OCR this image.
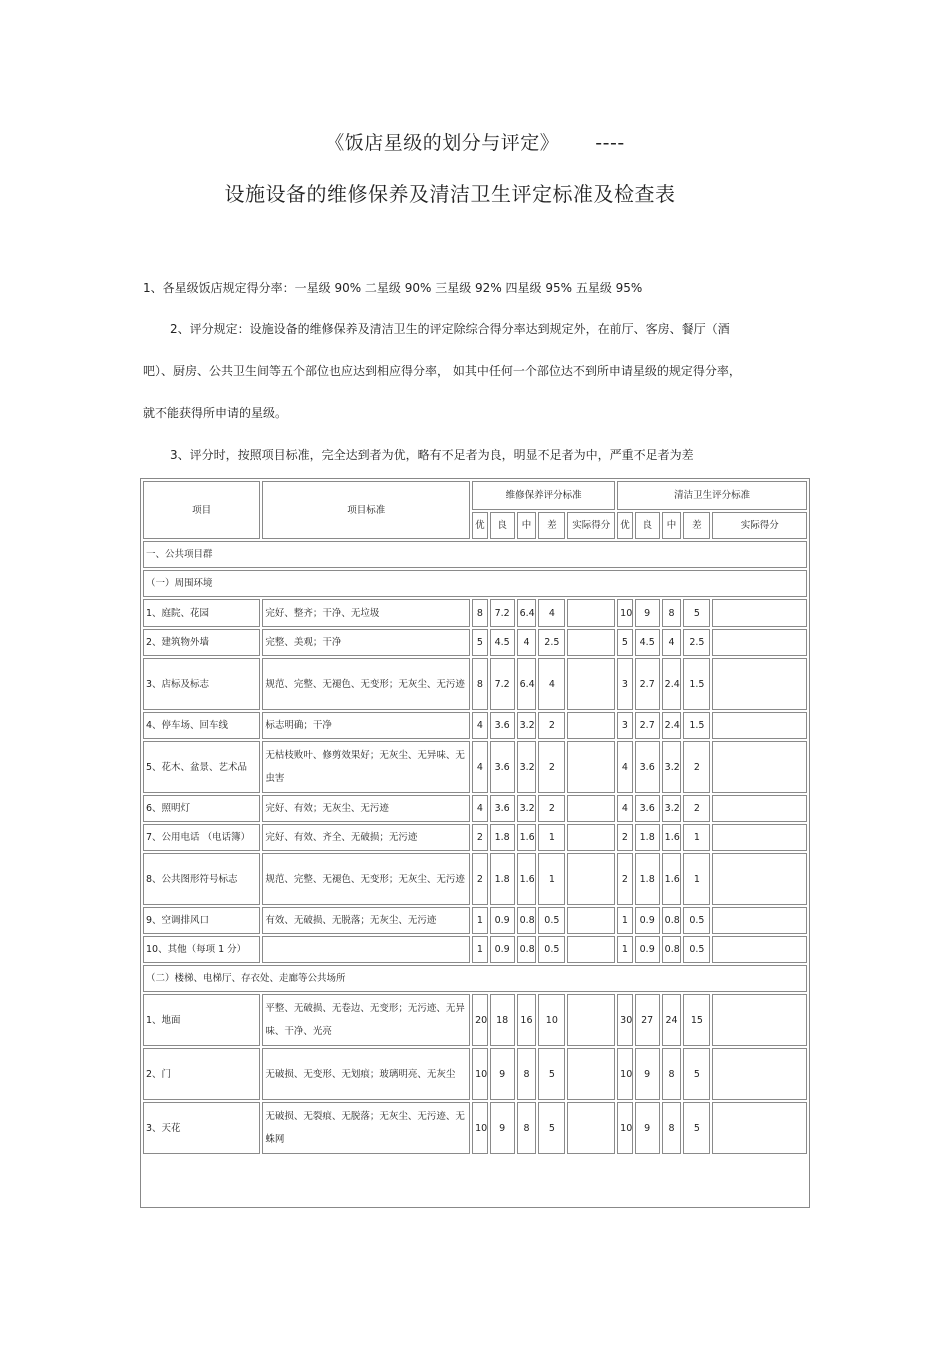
《饭店星级的划分与评定》 ----
设施设备的维修保养及清洁卫生评定标准及检查表
1、各星级饭店规定得分率：一星级 90% 二星级 90% 三星级 92% 四星级 95% 五星级 95%
2、评分规定：设施设备的维修保养及清洁卫生的评定除综合得分率达到规定外，在前厅、客房、餐厅（酒
吧）、厨房、公共卫生间等五个部位也应达到相应得分率， 如其中任何一个部位达不到所申请星级的规定得分率，
就不能获得所申请的星级。
3、评分时，按照项目标准，完全达到者为优，略有不足者为良，明显不足者为中，严重不足者为差
项目	项目标准	维修保养评分标准					清洁卫生评分标准				
		优	良	中	差	实际得分	优	良	中	差	实际得分
一、公共项目群											
（一）周围环境											
1、庭院、花园	完好、整齐；干净、无垃圾	8	7.2	6.4	4		10	9	8	5	
2、建筑物外墙	完整、美观；干净	5	4.5	4	2.5		5	4.5	4	2.5	
3、店标及标志	规范、完整、无褪色、无变形；无灰尘、无污迹	8	7.2	6.4	4		3	2.7	2.4	1.5	
4、停车场、回车线	标志明确；干净	4	3.6	3.2	2		3	2.7	2.4	1.5	
5、花木、盆景、艺术品	无枯枝败叶、修剪效果好；无灰尘、无异味、无虫害	4	3.6	3.2	2		4	3.6	3.2	2	
6、照明灯	完好、有效；无灰尘、无污迹	4	3.6	3.2	2		4	3.6	3.2	2	
7、公用电话 （电话簿）	完好、有效、齐全、无破损；无污迹	2	1.8	1.6	1		2	1.8	1.6	1	
8、公共图形符号标志	规范、完整、无褪色、无变形；无灰尘、无污迹	2	1.8	1.6	1		2	1.8	1.6	1	
9、空调排风口	有效、无破损、无脱落；无灰尘、无污迹	1	0.9	0.8	0.5		1	0.9	0.8	0.5	
10、其他（每项 1 分）		1	0.9	0.8	0.5		1	0.9	0.8	0.5	
（二）楼梯、电梯厅、存衣处、走廊等公共场所											
1、地面	平整、无破损、无卷边、无变形；无污迹、无异味、干净、光亮	20	18	16	10		30	27	24	15	
2、门	无破损、无变形、无划痕；玻璃明亮、无灰尘	10	9	8	5		10	9	8	5	
3、天花	无破损、无裂痕、无脱落；无灰尘、无污迹、无蛛网	10	9	8	5		10	9	8	5	
